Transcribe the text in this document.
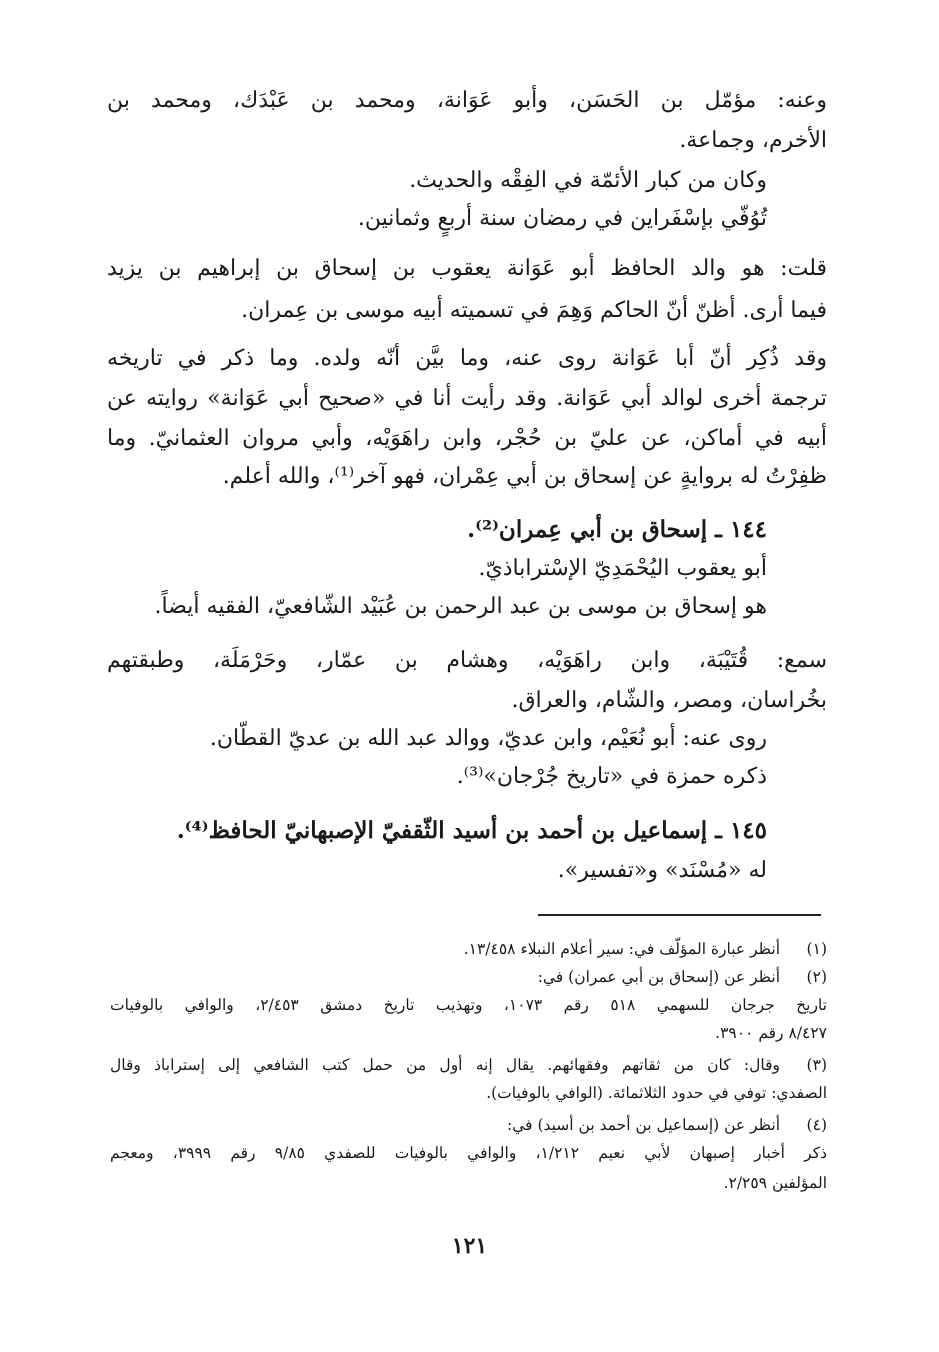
وعنه: مؤمّل بن الحَسَن، وأبو عَوَانة، ومحمد بن عَبْدَك، ومحمد بن
الأخرم، وجماعة.
وكان من كبار الأئمّة في الفِقْه والحديث.
تُوُفّي بإسْفَراين في رمضان سنة أربعٍ وثمانين.
قلت: هو والد الحافظ أبو عَوَانة يعقوب بن إسحاق بن إبراهيم بن يزيد
فيما أرى. أظنّ أنّ الحاكم وَهِمَ في تسميته أبيه موسى بن عِمران.
وقد ذُكِر أنّ أبا عَوَانة روى عنه، وما بيَّن أنّه ولده. وما ذكر في تاريخه
ترجمة أخرى لوالد أبي عَوَانة. وقد رأيت أنا في «صحيح أبي عَوَانة» روايته عن
أبيه في أماكن، عن عليّ بن حُجْر، وابن راهَوَيْه، وأبي مروان العثمانيّ. وما
ظفِرْتُ له بروايةٍ عن إسحاق بن أبي عِمْران، فهو آخر⁽¹⁾، والله أعلم.
١٤٤ ـ إسحاق بن أبي عِمران⁽²⁾.
أبو يعقوب اليُحْمَدِيّ الإسْتراباذيّ.
هو إسحاق بن موسى بن عبد الرحمن بن عُبَيْد الشّافعيّ، الفقيه أيضاً.
سمع: قُتَيْبَة، وابن راهَوَيْه، وهشام بن عمّار، وحَرْمَلَة، وطبقتهم
بخُراسان، ومصر، والشّام، والعراق.
روى عنه: أبو نُعَيْم، وابن عديّ، ووالد عبد الله بن عديّ القطّان.
ذكره حمزة في «تاريخ جُرْجان»⁽³⁾.
١٤٥ ـ إسماعيل بن أحمد بن أسيد الثّقفيّ الإصبهانيّ الحافظ⁽⁴⁾.
له «مُسْنَد» و«تفسير».
(١)
أنظر عبارة المؤلّف في: سير أعلام النبلاء ١٣/٤٥٨.
(٢)
أنظر عن (إسحاق بن أبي عمران) في:
تاريخ جرجان للسهمي ٥١٨ رقم ١٠٧٣، وتهذيب تاريخ دمشق ٢/٤٥٣، والوافي بالوفيات
٨/٤٢٧ رقم ٣٩٠٠.
(٣)
وقال: كان من ثقاتهم وفقهائهم. يقال إنه أول من حمل كتب الشافعي إلى إستراباذ وقال
الصفدي: توفي في حدود الثلاثمائة. (الوافي بالوفيات).
(٤)
أنظر عن (إسماعيل بن أحمد بن أسيد) في:
ذكر أخبار إصبهان لأبي نعيم ١/٢١٢، والوافي بالوفيات للصفدي ٩/٨٥ رقم ٣٩٩٩، ومعجم
المؤلفين ٢/٢٥٩.
١٢١
